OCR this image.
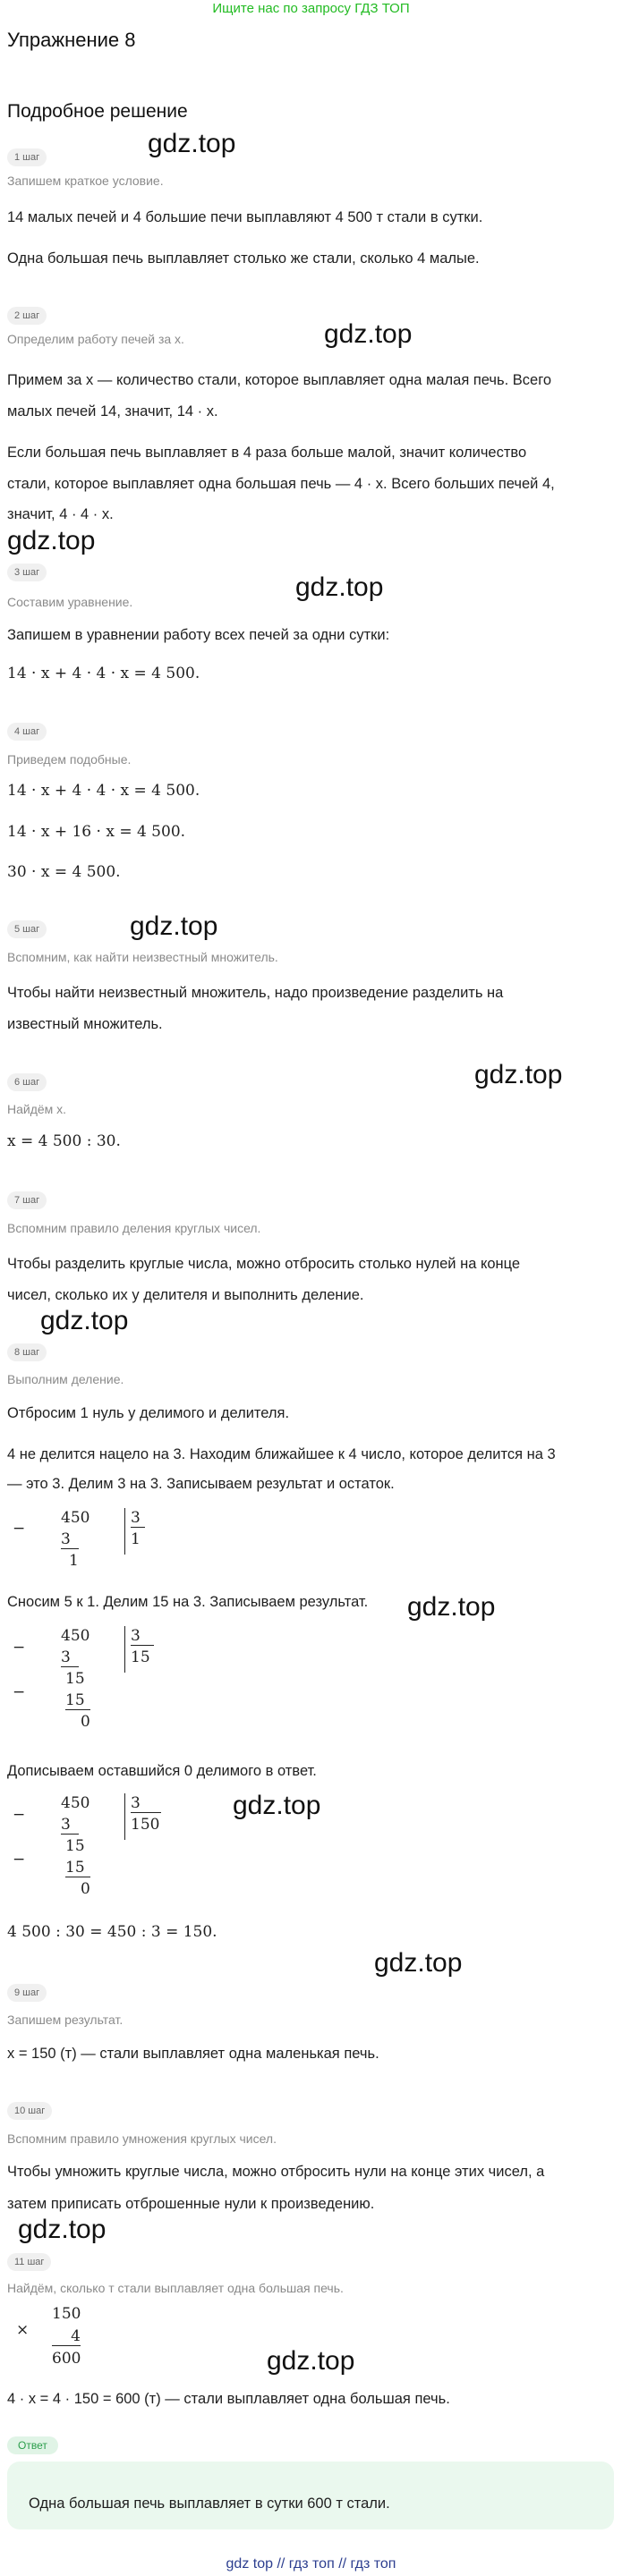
Ищите нас по запросу ГДЗ ТОП
Упражнение 8
Подробное решение
gdz.top
gdz.top
gdz.top
gdz.top
gdz.top
gdz.top
gdz.top
gdz.top
gdz.top
gdz.top
gdz.top
gdz.top
1 шаг
Запишем краткое условие.
14 малых печей и 4 большие печи выплавляют 4 500 т стали в сутки.
Одна большая печь выплавляет столько же стали, сколько 4 малые.
2 шаг
Определим работу печей за x.
Примем за x — количество стали, которое выплавляет одна малая печь. Всего
малых печей 14, значит, 14 · x.
Если большая печь выплавляет в 4 раза больше малой, значит количество
стали, которое выплавляет одна большая печь — 4 · x. Всего больших печей 4,
значит, 4 · 4 · x.
3 шаг
Составим уравнение.
Запишем в уравнении работу всех печей за одни сутки:
14 · x + 4 · 4 · x = 4 500.
4 шаг
Приведем подобные.
14 · x + 4 · 4 · x = 4 500.
14 · x + 16 · x = 4 500.
30 · x = 4 500.
5 шаг
Вспомним, как найти неизвестный множитель.
Чтобы найти неизвестный множитель, надо произведение разделить на
известный множитель.
6 шаг
Найдём x.
x = 4 500 : 30.
7 шаг
Вспомним правило деления круглых чисел.
Чтобы разделить круглые числа, можно отбросить столько нулей на конце
чисел, сколько их у делителя и выполнить деление.
8 шаг
Выполним деление.
Отбросим 1 нуль у делимого и делителя.
4 не делится нацело на 3. Находим ближайшее к 4 число, которое делится на 3
— это 3. Делим 3 на 3. Записываем результат и остаток.
−
450
3
1
3
1
Сносим 5 к 1. Делим 15 на 3. Записываем результат.
−
−
450
3
15
15
0
3
15
Дописываем оставшийся 0 делимого в ответ.
−
−
450
3
15
15
0
3
150
4 500 : 30 = 450 : 3 = 150.
9 шаг
Запишем результат.
x = 150 (т) — стали выплавляет одна маленькая печь.
10 шаг
Вспомним правило умножения круглых чисел.
Чтобы умножить круглые числа, можно отбросить нули на конце этих чисел, а
затем приписать отброшенные нули к произведению.
11 шаг
Найдём, сколько т стали выплавляет одна большая печь.
×
150
4
600
4 · x = 4 · 150 = 600 (т) — стали выплавляет одна большая печь.
Ответ
Одна большая печь выплавляет в сутки 600 т стали.
gdz top // гдз топ // гдз топ
